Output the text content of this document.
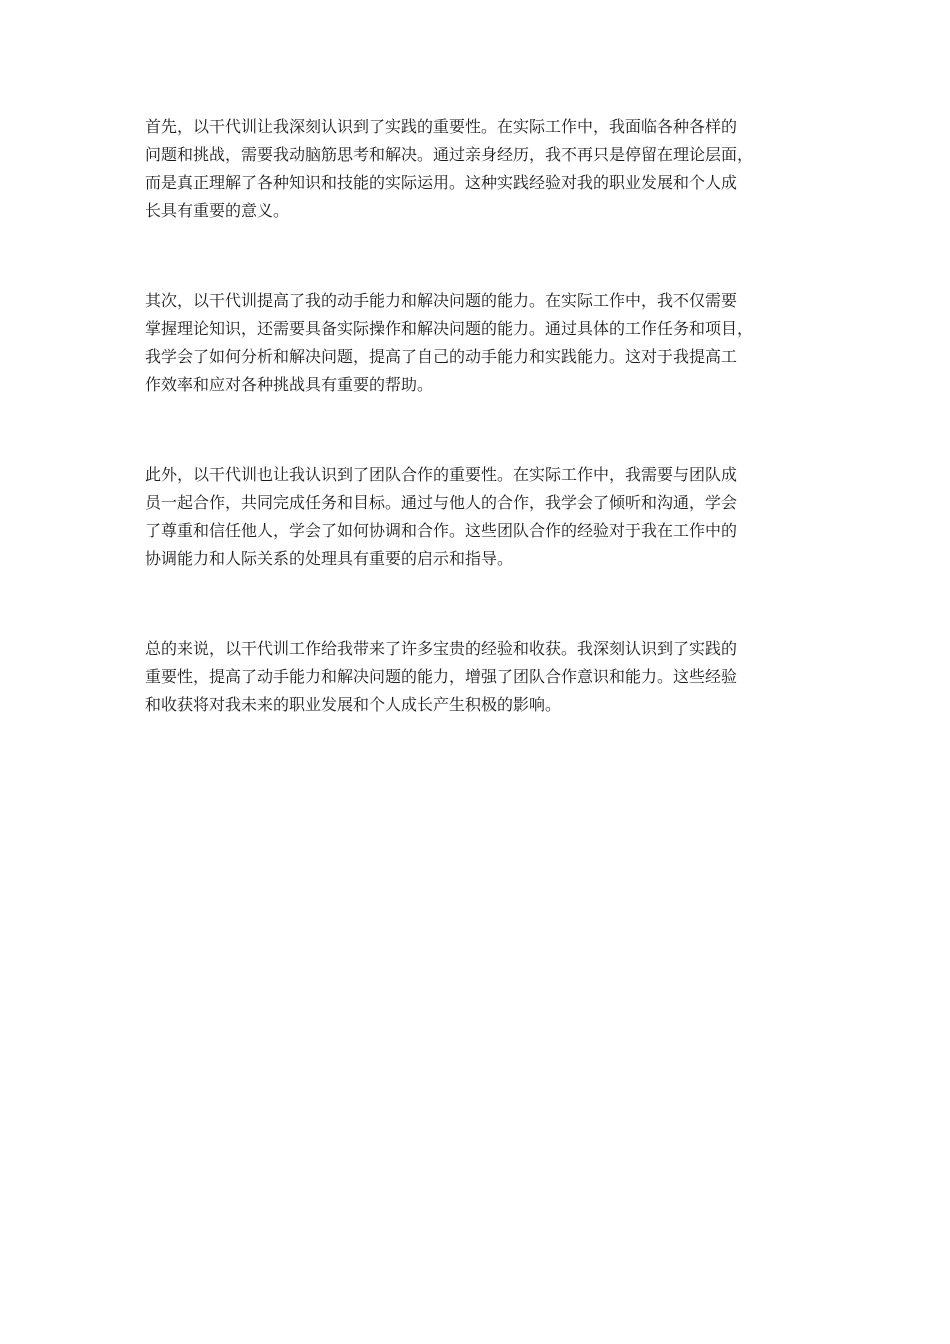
首先，以干代训让我深刻认识到了实践的重要性。在实际工作中，我面临各种各样的
问题和挑战，需要我动脑筋思考和解决。通过亲身经历，我不再只是停留在理论层面，
而是真正理解了各种知识和技能的实际运用。这种实践经验对我的职业发展和个人成
长具有重要的意义。
其次，以干代训提高了我的动手能力和解决问题的能力。在实际工作中，我不仅需要
掌握理论知识，还需要具备实际操作和解决问题的能力。通过具体的工作任务和项目，
我学会了如何分析和解决问题，提高了自己的动手能力和实践能力。这对于我提高工
作效率和应对各种挑战具有重要的帮助。
此外，以干代训也让我认识到了团队合作的重要性。在实际工作中，我需要与团队成
员一起合作，共同完成任务和目标。通过与他人的合作，我学会了倾听和沟通，学会
了尊重和信任他人，学会了如何协调和合作。这些团队合作的经验对于我在工作中的
协调能力和人际关系的处理具有重要的启示和指导。
总的来说，以干代训工作给我带来了许多宝贵的经验和收获。我深刻认识到了实践的
重要性，提高了动手能力和解决问题的能力，增强了团队合作意识和能力。这些经验
和收获将对我未来的职业发展和个人成长产生积极的影响。
